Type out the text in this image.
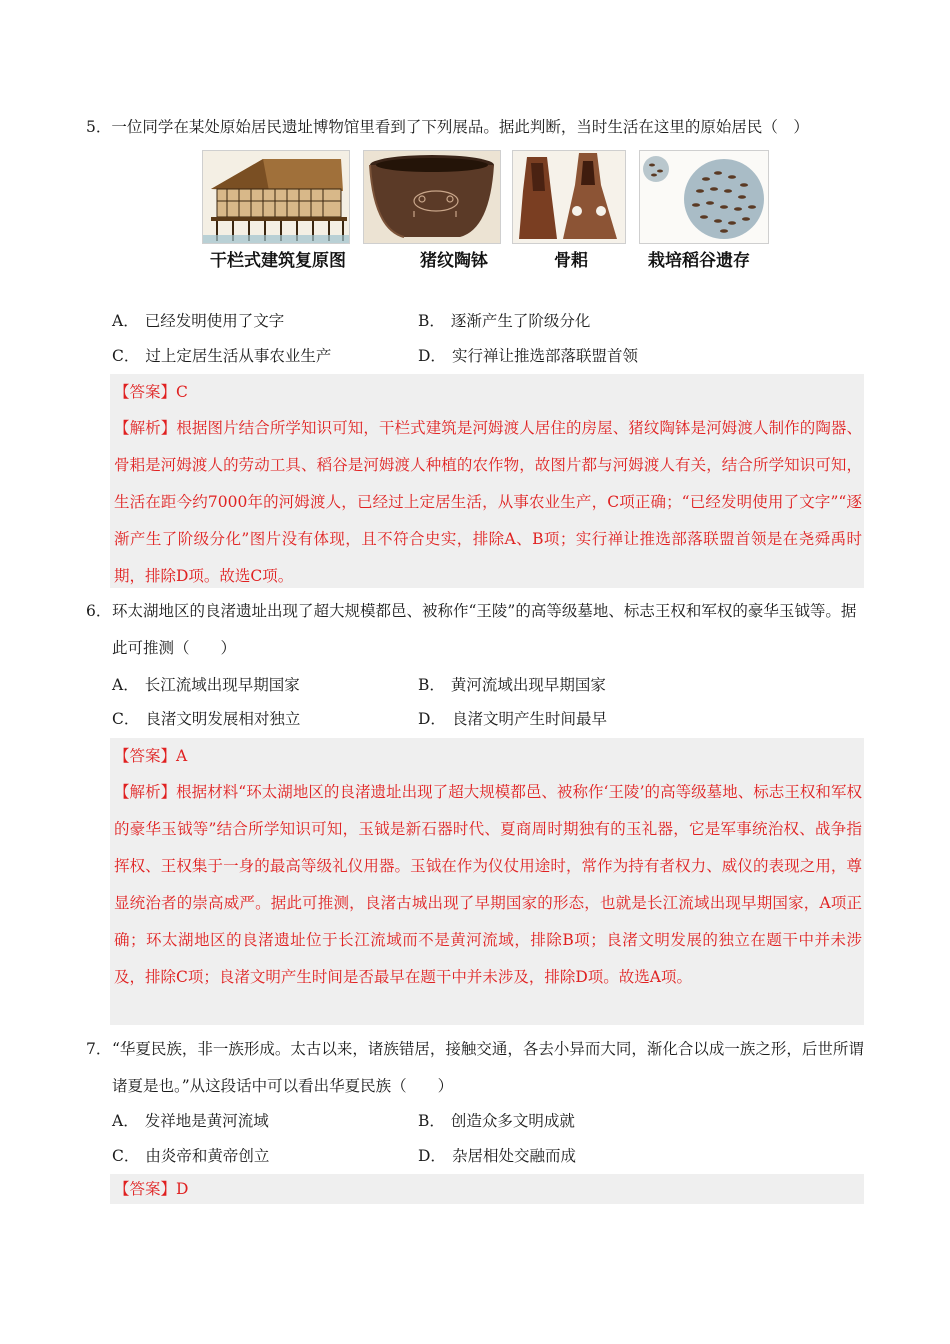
5．一位同学在某处原始居民遗址博物馆里看到了下列展品。据此判断，当时生活在这里的原始居民（　）
干栏式建筑复原图	猪纹陶钵	骨耜	栽培稻谷遗存
A． 已经发明使用了文字	B． 逐渐产生了阶级分化
C． 过上定居生活从事农业生产	D． 实行禅让推选部落联盟首领
【答案】C
【解析】根据图片结合所学知识可知，干栏式建筑是河姆渡人居住的房屋、猪纹陶钵是河姆渡人制作的陶器、骨耜是河姆渡人的劳动工具、稻谷是河姆渡人种植的农作物，故图片都与河姆渡人有关，结合所学知识可知，生活在距今约7000年的河姆渡人，已经过上定居生活，从事农业生产，C项正确；“已经发明使用了文字”“逐渐产生了阶级分化”图片没有体现，且不符合史实，排除A、B项；实行禅让推选部落联盟首领是在尧舜禹时期，排除D项。故选C项。
6． 环太湖地区的良渚遗址出现了超大规模都邑、被称作“王陵”的高等级墓地、标志王权和军权的豪华玉钺等。据此可推测（　　）
A． 长江流域出现早期国家	B． 黄河流域出现早期国家
C． 良渚文明发展相对独立	D． 良渚文明产生时间最早
【答案】A
【解析】根据材料“环太湖地区的良渚遗址出现了超大规模都邑、被称作‘王陵’的高等级墓地、标志王权和军权的豪华玉钺等”结合所学知识可知，玉钺是新石器时代、夏商周时期独有的玉礼器，它是军事统治权、战争指挥权、王权集于一身的最高等级礼仪用器。玉钺在作为仪仗用途时，常作为持有者权力、威仪的表现之用，尊显统治者的崇高威严。据此可推测，良渚古城出现了早期国家的形态，也就是长江流域出现早期国家，A项正确；环太湖地区的良渚遗址位于长江流域而不是黄河流域，排除B项；良渚文明发展的独立在题干中并未涉及，排除C项；良渚文明产生时间是否最早在题干中并未涉及，排除D项。故选A项。
7． “华夏民族，非一族形成。太古以来，诸族错居，接触交通，各去小异而大同，渐化合以成一族之形，后世所谓诸夏是也。”从这段话中可以看出华夏民族（　　）
A． 发祥地是黄河流域	B． 创造众多文明成就
C． 由炎帝和黄帝创立	D． 杂居相处交融而成
【答案】D
